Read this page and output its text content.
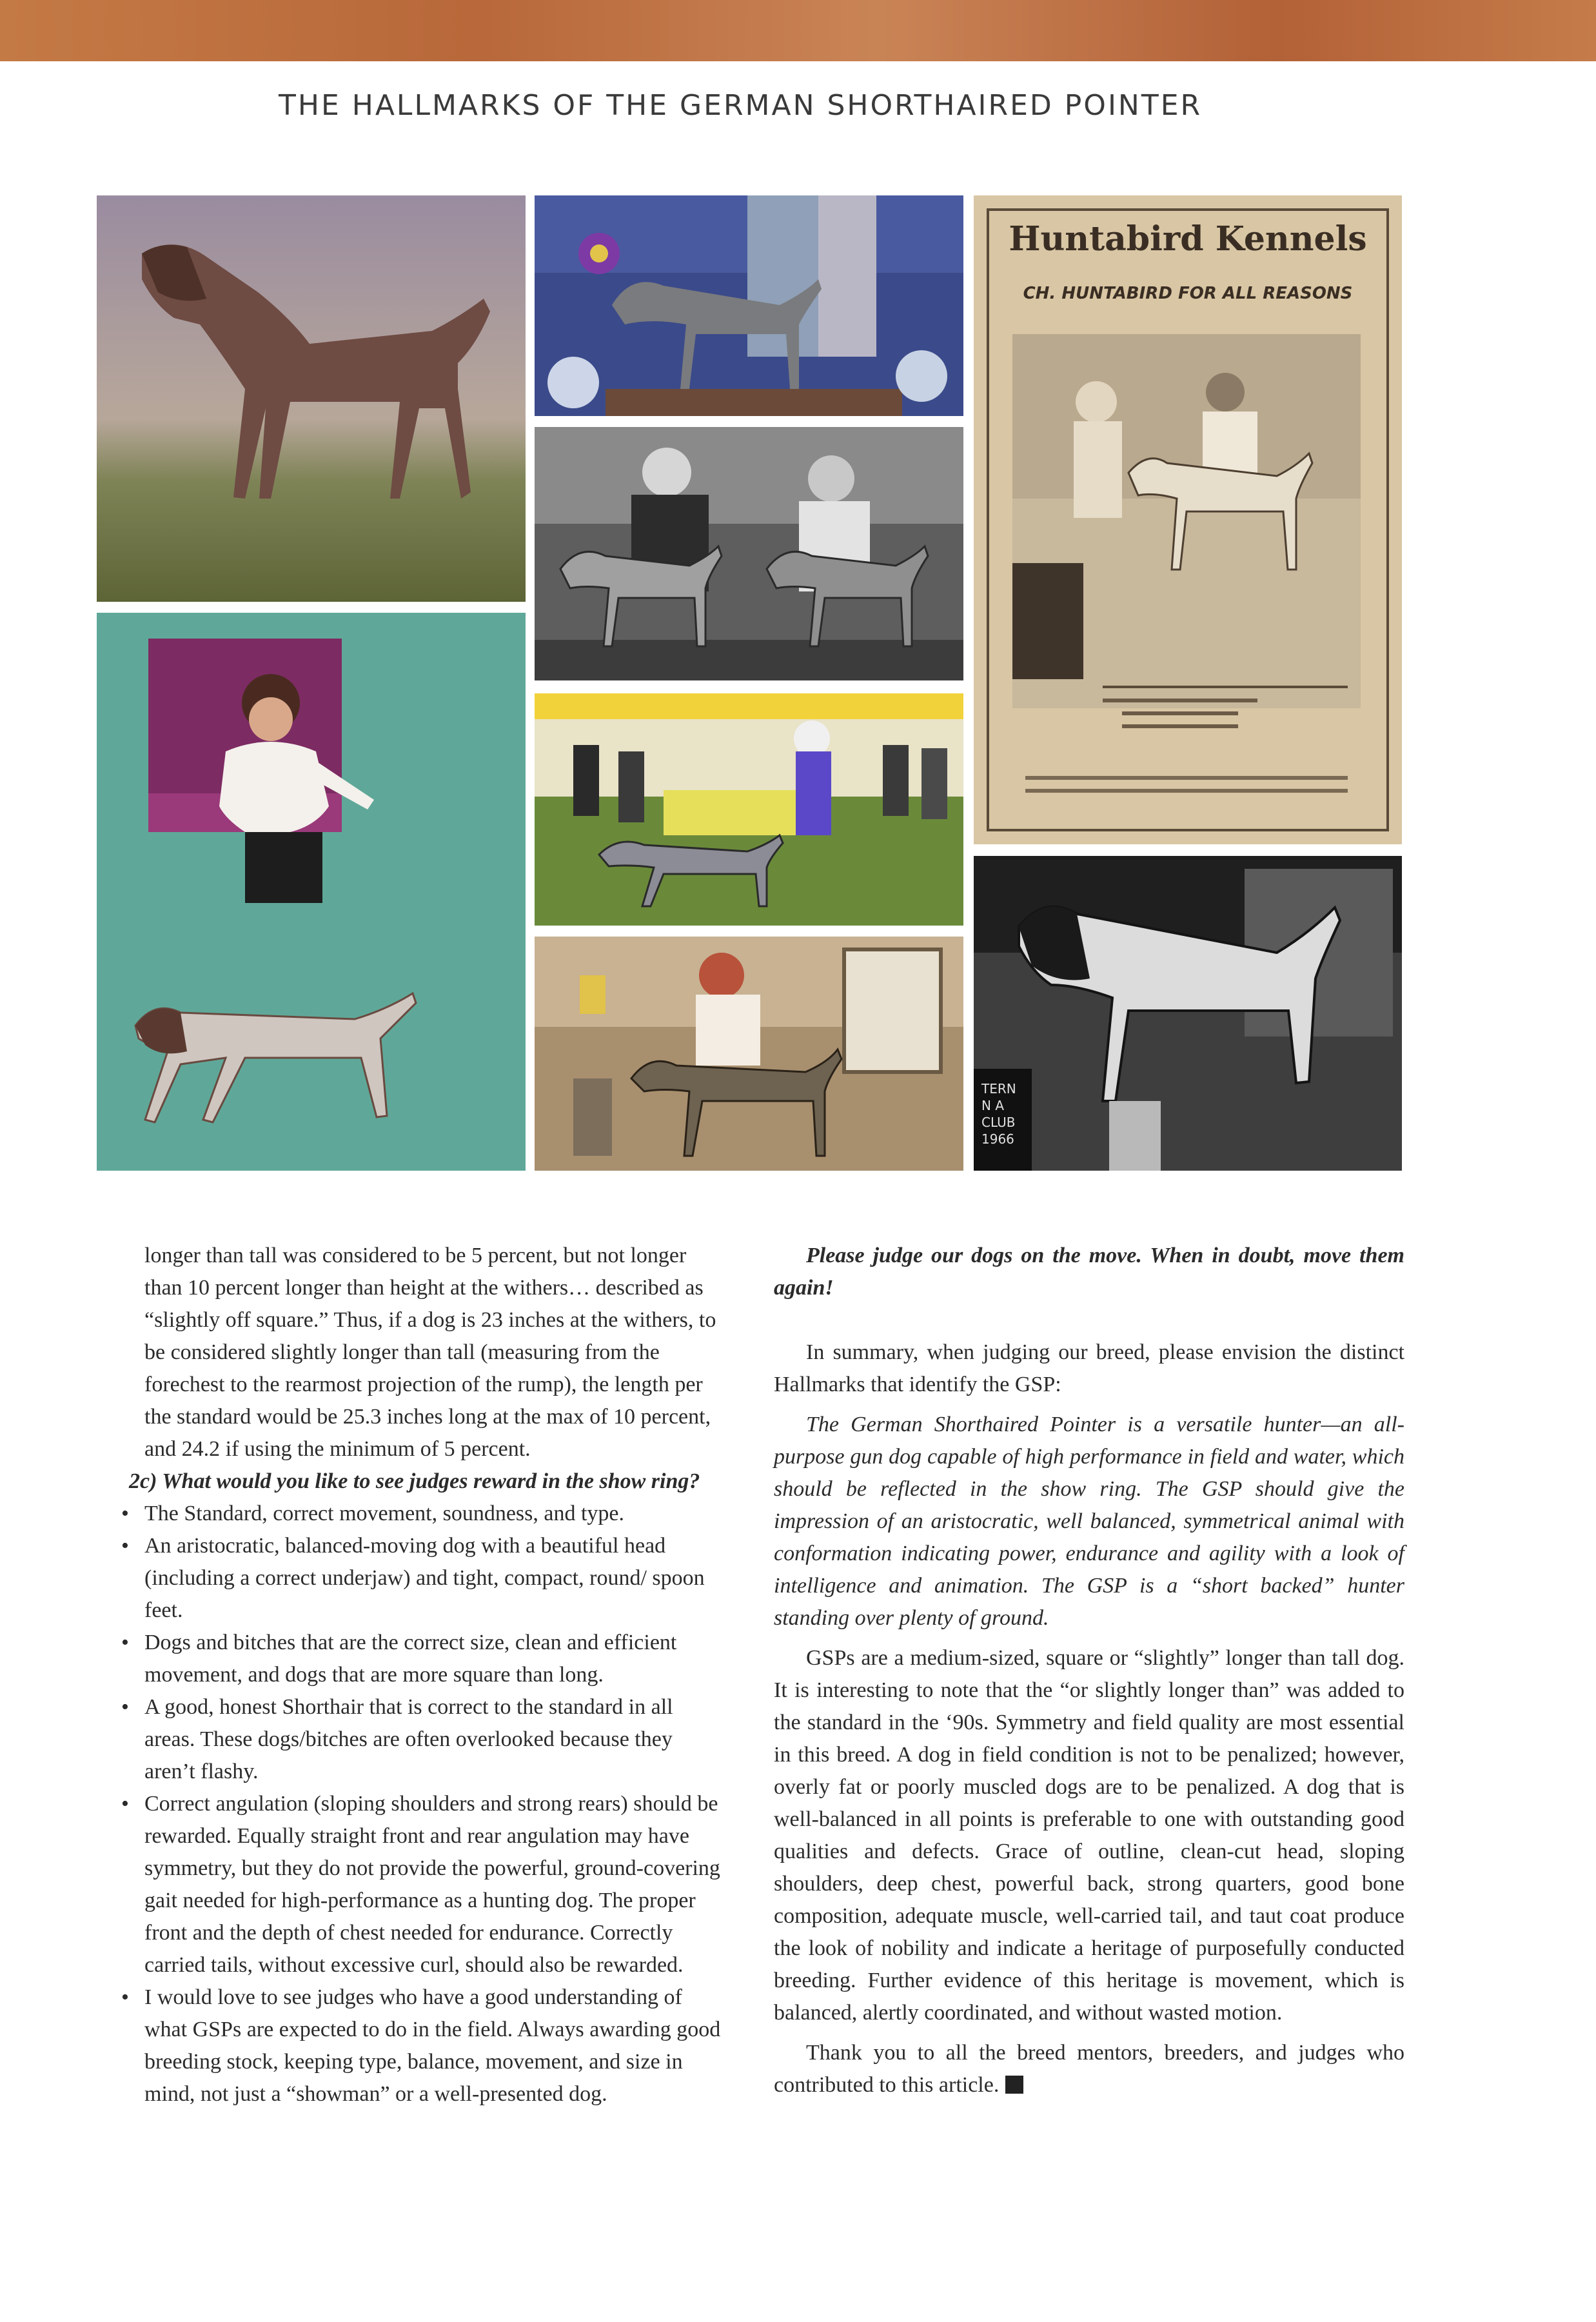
THE HALLMARKS OF THE GERMAN SHORTHAIRED POINTER
Huntabird Kennels
CH. HUNTABIRD FOR ALL REASONS
TERN N A CLUB 1966

longer than tall was considered to be 5 percent, but not longer than 10 percent longer than height at the withers… described as “slightly off square.” Thus, if a dog is 23 inches at the withers, to be considered slightly longer than tall (measuring from the forechest to the rearmost projection of the rump), the length per the standard would be 25.3 inches long at the max of 10 percent, and 24.2 if using the minimum of 5 percent.

2c) What would you like to see judges reward in the show ring?

• The Standard, correct movement, soundness, and type.
• An aristocratic, balanced-moving dog with a beautiful head (including a correct underjaw) and tight, compact, round/ spoon feet.
• Dogs and bitches that are the correct size, clean and efficient movement, and dogs that are more square than long.
• A good, honest Shorthair that is correct to the standard in all areas. These dogs/bitches are often overlooked because they aren’t flashy.
• Correct angulation (sloping shoulders and strong rears) should be rewarded. Equally straight front and rear angulation may have symmetry, but they do not provide the powerful, ground-covering gait needed for high-performance as a hunting dog. The proper front and the depth of chest needed for endurance. Correctly carried tails, without excessive curl, should also be rewarded.
• I would love to see judges who have a good understanding of what GSPs are expected to do in the field. Always awarding good breeding stock, keeping type, balance, movement, and size in mind, not just a “showman” or a well-presented dog.

Please judge our dogs on the move. When in doubt, move them again!

In summary, when judging our breed, please envision the distinct Hallmarks that identify the GSP:

The German Shorthaired Pointer is a versatile hunter—an all-purpose gun dog capable of high performance in field and water, which should be reflected in the show ring. The GSP should give the impression of an aristocratic, well balanced, symmetrical animal with conformation indicating power, endurance and agility with a look of intelligence and animation. The GSP is a “short backed” hunter standing over plenty of ground.

GSPs are a medium-sized, square or “slightly” longer than tall dog. It is interesting to note that the “or slightly longer than” was added to the standard in the ‘90s. Symmetry and field quality are most essential in this breed. A dog in field condition is not to be penalized; however, overly fat or poorly muscled dogs are to be penalized. A dog that is well-balanced in all points is preferable to one with outstanding good qualities and defects. Grace of outline, clean-cut head, sloping shoulders, deep chest, powerful back, strong quarters, good bone composition, adequate muscle, well-carried tail, and taut coat produce the look of nobility and indicate a heritage of purposefully conducted breeding. Further evidence of this heritage is movement, which is balanced, alertly coordinated, and without wasted motion.

Thank you to all the breed mentors, breeders, and judges who contributed to this article.
